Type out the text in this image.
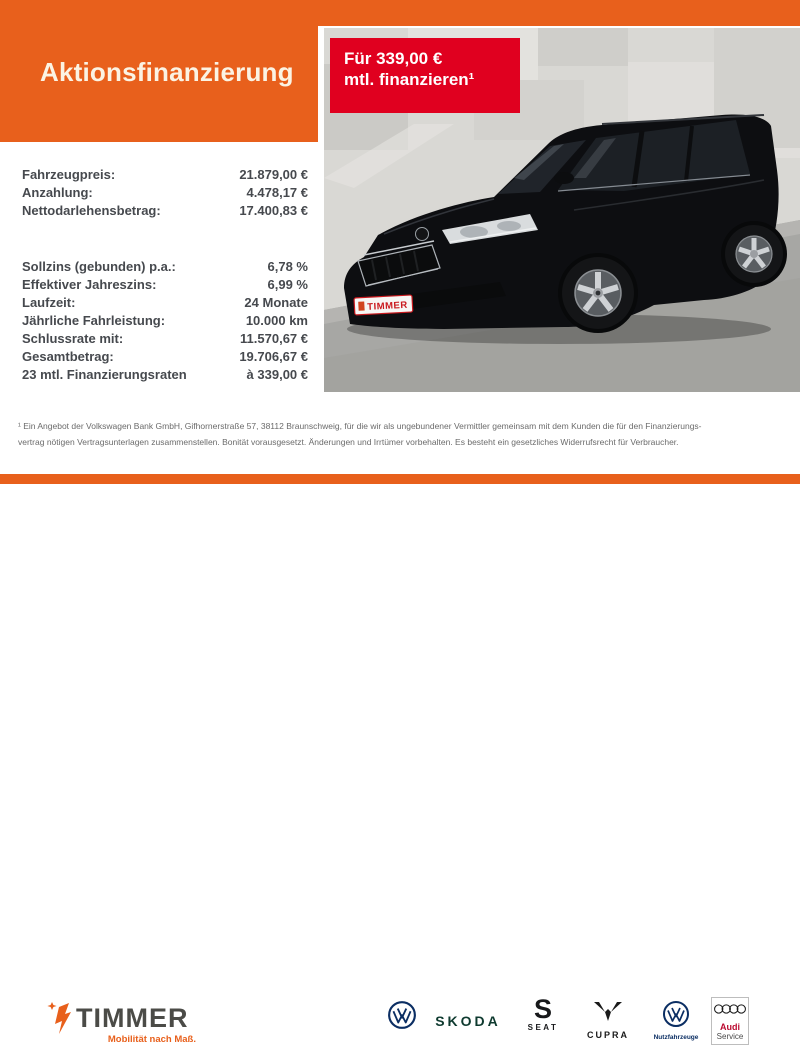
Aktionsfinanzierung
TIMMER
Für 339,00 €
mtl. finanzieren¹
Fahrzeugpreis:	21.879,00 €
Anzahlung:	4.478,17 €
Nettodarlehensbetrag:	17.400,83 €
Sollzins (gebunden) p.a.:	6,78 %
Effektiver Jahreszins:	6,99 %
Laufzeit:	24 Monate
Jährliche Fahrleistung:	10.000 km
Schlussrate mit:	11.570,67 €
Gesamtbetrag:	19.706,67 €
23 mtl. Finanzierungsraten	à 339,00 €
¹ Ein Angebot der Volkswagen Bank GmbH, Gifhornerstraße 57, 38112 Braunschweig, für die wir als ungebundener Vermittler gemeinsam mit dem Kunden die für den Finanzierungs-
vertrag nötigen Vertragsunterlagen zusammenstellen. Bonität vorausgesetzt. Änderungen und Irrtümer vorbehalten. Es besteht ein gesetzliches Widerrufsrecht für Verbraucher.
TIMMER
Mobilität nach Maß.
SKODA	S
SEAT
CUPRA	Nutzfahrzeuge
Audi
Service
